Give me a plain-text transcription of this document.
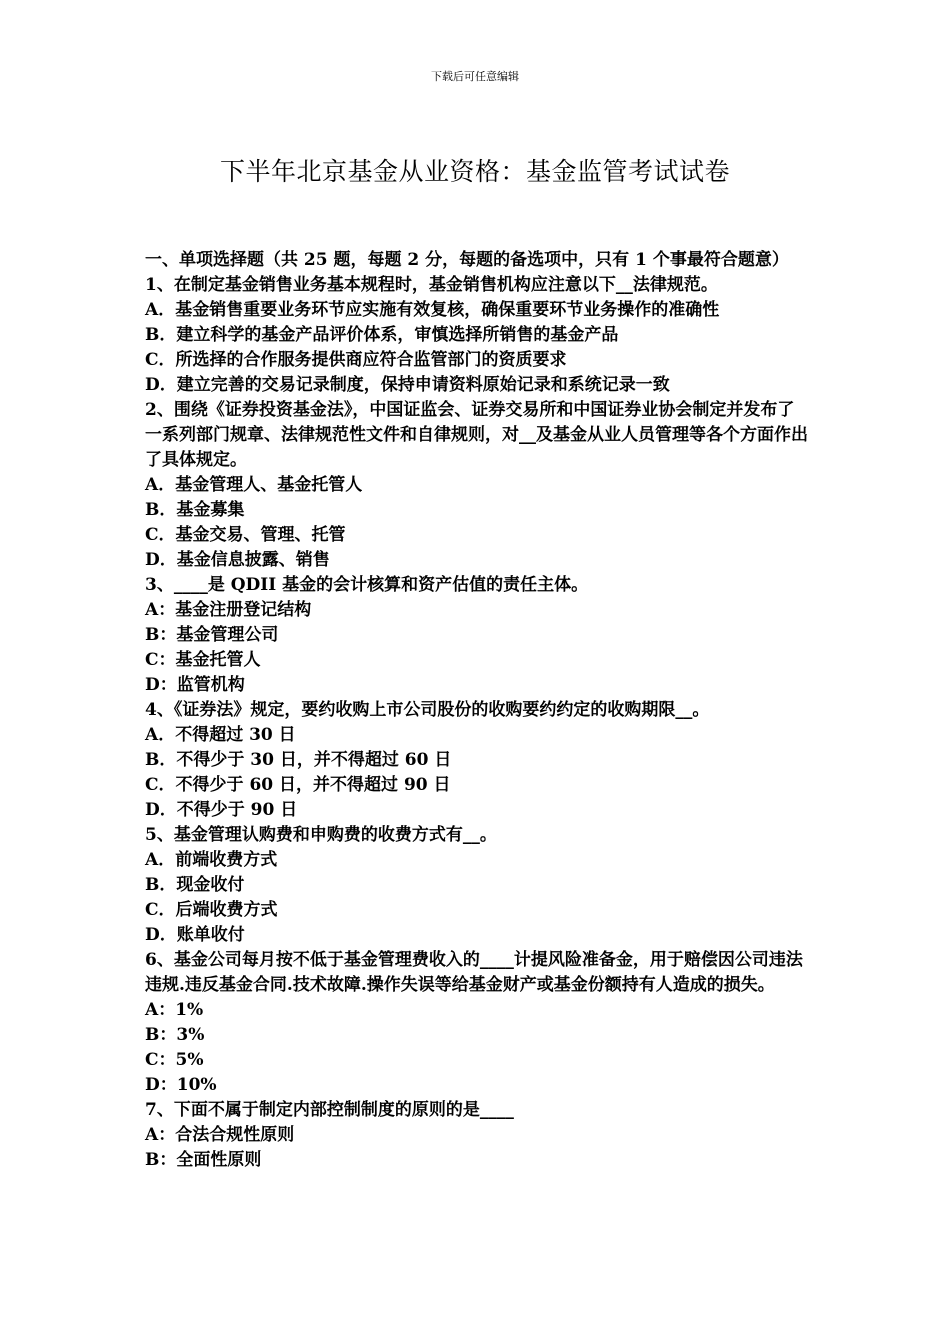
下载后可任意编辑
下半年北京基金从业资格：基金监管考试试卷

一、单项选择题（共 25 题，每题 2 分，每题的备选项中，只有 1 个事最符合题意）

1、在制定基金销售业务基本规程时，基金销售机构应注意以下__法律规范。

A．基金销售重要业务环节应实施有效复核，确保重要环节业务操作的准确性

B．建立科学的基金产品评价体系，审慎选择所销售的基金产品

C．所选择的合作服务提供商应符合监管部门的资质要求

D．建立完善的交易记录制度，保持申请资料原始记录和系统记录一致

2、围绕《证券投资基金法》，中国证监会、证券交易所和中国证券业协会制定并发布了一系列部门规章、法律规范性文件和自律规则，对__及基金从业人员管理等各个方面作出了具体规定。

A．基金管理人、基金托管人

B．基金募集

C．基金交易、管理、托管

D．基金信息披露、销售

3、____是 QDII 基金的会计核算和资产估值的责任主体。

A：基金注册登记结构

B：基金管理公司

C：基金托管人

D：监管机构

4、《证券法》规定，要约收购上市公司股份的收购要约约定的收购期限__。

A．不得超过 30 日

B．不得少于 30 日，并不得超过 60 日

C．不得少于 60 日，并不得超过 90 日

D．不得少于 90 日

5、基金管理认购费和申购费的收费方式有__。

A．前端收费方式

B．现金收付

C．后端收费方式

D．账单收付

6、基金公司每月按不低于基金管理费收入的____计提风险准备金，用于赔偿因公司违法违规.违反基金合同.技术故障.操作失误等给基金财产或基金份额持有人造成的损失。

A：1%

B：3%

C：5%

D：10%

7、下面不属于制定内部控制制度的原则的是____

A：合法合规性原则

B：全面性原则
